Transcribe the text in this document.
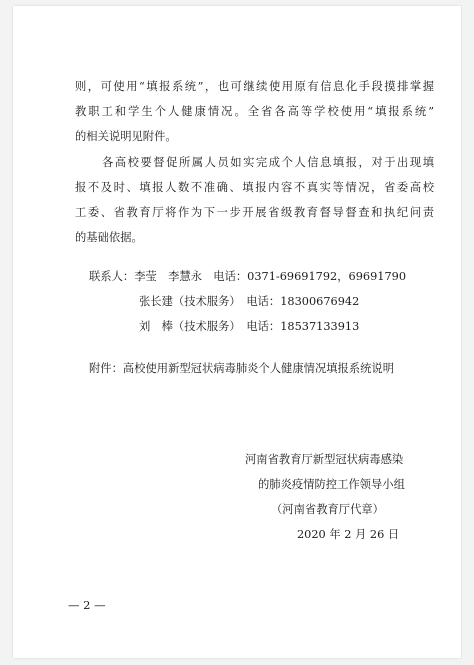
则，可使用“填报系统”，也可继续使用原有信息化手段摸排掌握
教职工和学生个人健康情况。全省各高等学校使用“填报系统”
的相关说明见附件。
各高校要督促所属人员如实完成个人信息填报，对于出现填
报不及时、填报人数不准确、填报内容不真实等情况，省委高校
工委、省教育厅将作为下一步开展省级教育督导督查和执纪问责
的基础依据。
联系人：李莹　李慧永　电话：0371-69691792，69691790
张长建（技术服务）　电话：18300676942
刘　棒（技术服务）　电话：18537133913
附件：高校使用新型冠状病毒肺炎个人健康情况填报系统说明
河南省教育厅新型冠状病毒感染
的肺炎疫情防控工作领导小组
（河南省教育厅代章）
2020 年 2 月 26 日
— 2 —
